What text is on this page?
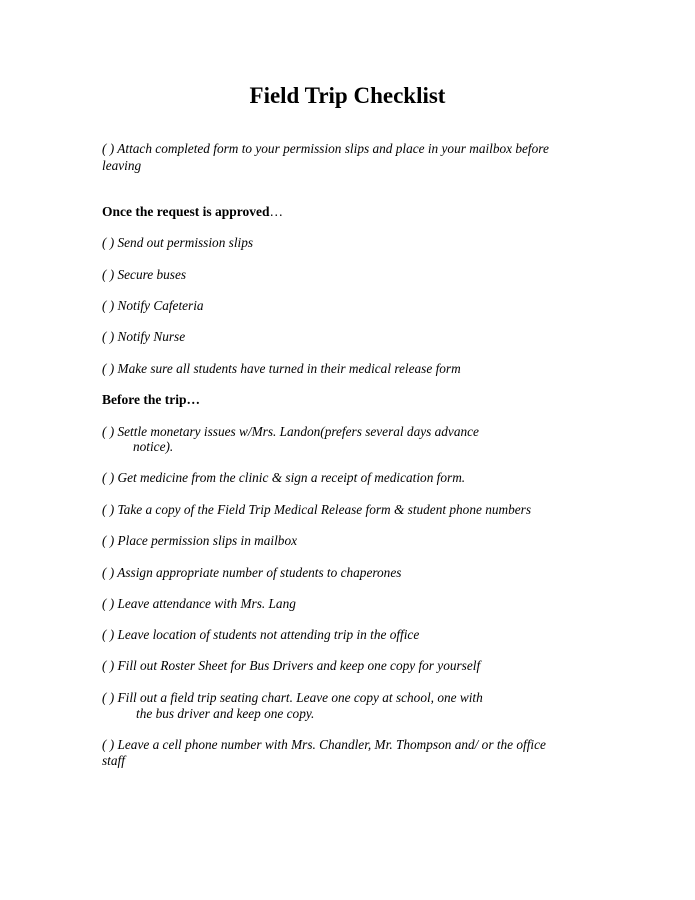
Field Trip Checklist
( ) Attach completed form to your permission slips and place in your mailbox before
leaving
Once the request is approved…
( ) Send out permission slips
( ) Secure buses
( ) Notify Cafeteria
( ) Notify Nurse
( ) Make sure all students have turned in their medical release form
Before the trip…
( ) Settle monetary issues w/Mrs. Landon(prefers several days advance
notice).
( ) Get medicine from the clinic & sign a receipt of medication form.
( ) Take a copy of the Field Trip Medical Release form & student phone numbers
( ) Place permission slips in mailbox
( ) Assign appropriate number of students to chaperones
( ) Leave attendance with Mrs. Lang
( ) Leave location of students not attending trip in the office
( ) Fill out Roster Sheet for Bus Drivers and keep one copy for yourself
( ) Fill out a field trip seating chart. Leave one copy at school, one with
the bus driver and keep one copy.
( ) Leave a cell phone number with Mrs. Chandler, Mr. Thompson and/ or the office
staff
